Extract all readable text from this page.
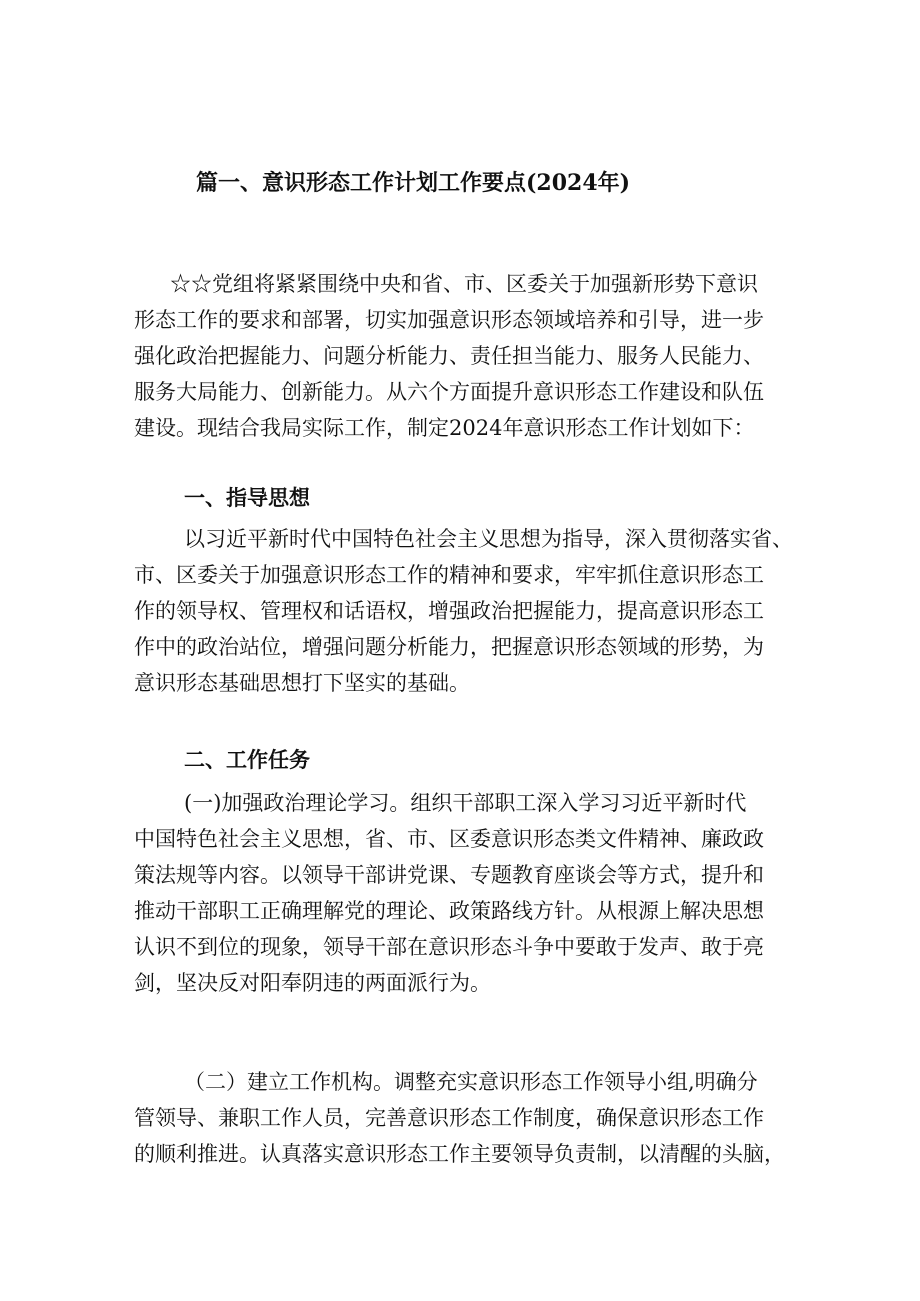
篇一、意识形态工作计划工作要点(2024年)
☆☆党组将紧紧围绕中央和省、市、区委关于加强新形势下意识
形态工作的要求和部署，切实加强意识形态领域培养和引导，进一步
强化政治把握能力、问题分析能力、责任担当能力、服务人民能力、
服务大局能力、创新能力。从六个方面提升意识形态工作建设和队伍
建设。现结合我局实际工作，制定2024年意识形态工作计划如下：
一、指导思想
以习近平新时代中国特色社会主义思想为指导，深入贯彻落实省、
市、区委关于加强意识形态工作的精神和要求，牢牢抓住意识形态工
作的领导权、管理权和话语权，增强政治把握能力，提高意识形态工
作中的政治站位，增强问题分析能力，把握意识形态领域的形势，为
意识形态基础思想打下坚实的基础。
二、工作任务
(一)加强政治理论学习。组织干部职工深入学习习近平新时代
中国特色社会主义思想，省、市、区委意识形态类文件精神、廉政政
策法规等内容。以领导干部讲党课、专题教育座谈会等方式，提升和
推动干部职工正确理解党的理论、政策路线方针。从根源上解决思想
认识不到位的现象，领导干部在意识形态斗争中要敢于发声、敢于亮
剑，坚决反对阳奉阴违的两面派行为。
（二）建立工作机构。调整充实意识形态工作领导小组,明确分
管领导、兼职工作人员，完善意识形态工作制度，确保意识形态工作
的顺利推进。认真落实意识形态工作主要领导负责制，以清醒的头脑，
